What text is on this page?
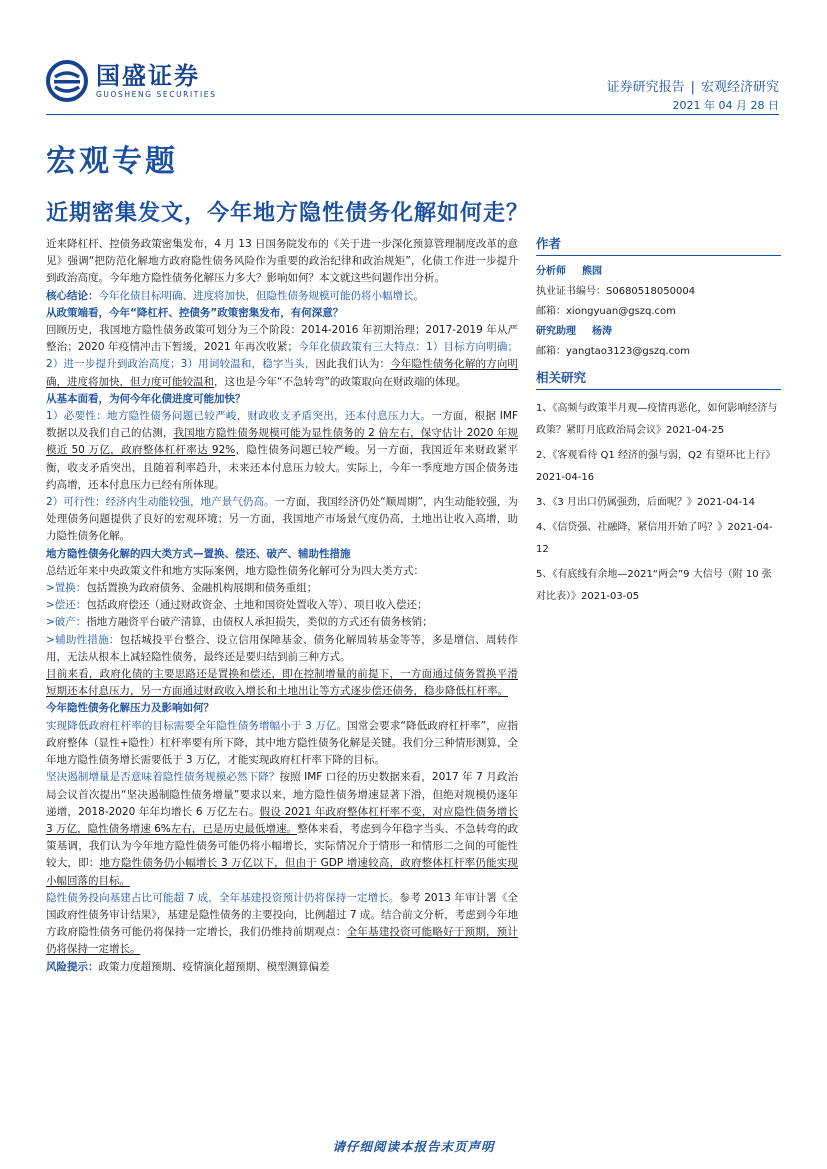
国盛证券
GUOSHENG SECURITIES	证券研究报告 | 宏观经济研究
2021 年 04 月 28 日
宏观专题
近期密集发文，今年地方隐性债务化解如何走？

近来降杠杆、控债务政策密集发布，4 月 13 日国务院发布的《关于进一步深化预算管理制度改革的意见》强调“把防范化解地方政府隐性债务风险作为重要的政治纪律和政治规矩”，化债工作进一步提升到政治高度。今年地方隐性债务化解压力多大？影响如何？本文就这些问题作出分析。

核心结论：今年化债目标明确、进度将加快，但隐性债务规模可能仍将小幅增长。

从政策端看，今年“降杠杆、控债务”政策密集发布，有何深意？

回顾历史，我国地方隐性债务政策可划分为三个阶段：2014-2016 年初期治理；2017-2019 年从严整治；2020 年疫情冲击下暂缓，2021 年再次收紧；今年化债政策有三大特点：1）目标方向明确；2）进一步提升到政治高度；3）用词较温和，稳字当头，因此我们认为：今年隐性债务化解的方向明确，进度将加快，但力度可能较温和，这也是今年“不急转弯”的政策取向在财政端的体现。

从基本面看，为何今年化债进度可能加快？

1）必要性：地方隐性债务问题已较严峻，财政收支矛盾突出，还本付息压力大。一方面，根据 IMF 数据以及我们自己的估测，我国地方隐性债务规模可能为显性债务的 2 倍左右，保守估计 2020 年规模近 50 万亿，政府整体杠杆率达 92%，隐性债务问题已较严峻。另一方面，我国近年来财政紧平衡，收支矛盾突出，且随着利率趋升，未来还本付息压力较大。实际上，今年一季度地方国企债务违约高增，还本付息压力已经有所体现。

2）可行性：经济内生动能较强，地产景气仍高。一方面，我国经济仍处“顺周期”，内生动能较强，为处理债务问题提供了良好的宏观环境；另一方面，我国地产市场景气度仍高，土地出让收入高增，助力隐性债务化解。

地方隐性债务化解的四大类方式—置换、偿还、破产、辅助性措施

总结近年来中央政策文件和地方实际案例，地方隐性债务化解可分为四大类方式：

>置换：包括置换为政府债务、金融机构展期和债务重组；

>偿还：包括政府偿还（通过财政资金、土地和国资处置收入等）、项目收入偿还；

>破产：指地方融资平台破产清算，由债权人承担损失，类似的方式还有债务核销；

>辅助性措施：包括城投平台整合、设立信用保障基金、债务化解周转基金等等，多是增信、周转作用，无法从根本上减轻隐性债务，最终还是要归结到前三种方式。

目前来看，政府化债的主要思路还是置换和偿还，即在控制增量的前提下，一方面通过债务置换平滑短期还本付息压力，另一方面通过财政收入增长和土地出让等方式逐步偿还债务，稳步降低杠杆率。

今年隐性债务化解压力及影响如何？

实现降低政府杠杆率的目标需要全年隐性债务增幅小于 3 万亿。国常会要求“降低政府杠杆率”，应指政府整体（显性+隐性）杠杆率要有所下降，其中地方隐性债务化解是关键。我们分三种情形测算，全年地方隐性债务增长需要低于 3 万亿，才能实现政府杠杆率下降的目标。

坚决遏制增量是否意味着隐性债务规模必然下降？按照 IMF 口径的历史数据来看，2017 年 7 月政治局会议首次提出“坚决遏制隐性债务增量”要求以来，地方隐性债务增速显著下滑，但绝对规模仍逐年递增，2018-2020 年年均增长 6 万亿左右。假设 2021 年政府整体杠杆率不变，对应隐性债务增长 3 万亿，隐性债务增速 6%左右，已是历史最低增速。整体来看，考虑到今年稳字当头、不急转弯的政策基调，我们认为今年地方隐性债务可能仍将小幅增长，实际情况介于情形一和情形二之间的可能性较大，即：地方隐性债务仍小幅增长 3 万亿以下，但由于 GDP 增速较高，政府整体杠杆率仍能实现小幅回落的目标。

隐性债务投向基建占比可能超 7 成，全年基建投资预计仍将保持一定增长。参考 2013 年审计署《全国政府性债务审计结果》，基建是隐性债务的主要投向，比例超过 7 成。结合前文分析，考虑到今年地方政府隐性债务可能仍将保持一定增长，我们仍维持前期观点：全年基建投资可能略好于预期，预计仍将保持一定增长。

风险提示：政策力度超预期、疫情演化超预期、模型测算偏差

作者
分析师 熊园
执业证书编号：S0680518050004
邮箱：xiongyuan@gszq.com
研究助理 杨涛
邮箱：yangtao3123@gszq.com
相关研究
1、《高频与政策半月观—疫情再恶化，如何影响经济与政策？紧盯月底政治局会议》2021-04-25
2、《客观看待 Q1 经济的强与弱，Q2 有望环比上行》2021-04-16
3、《3 月出口仍属强劲，后面呢？》2021-04-14
4、《信贷强、社融降，紧信用开始了吗？》2021-04-12
5、《有底线有余地—2021“两会”9 大信号（附 10 张对比表）》2021-03-05
请仔细阅读本报告末页声明
